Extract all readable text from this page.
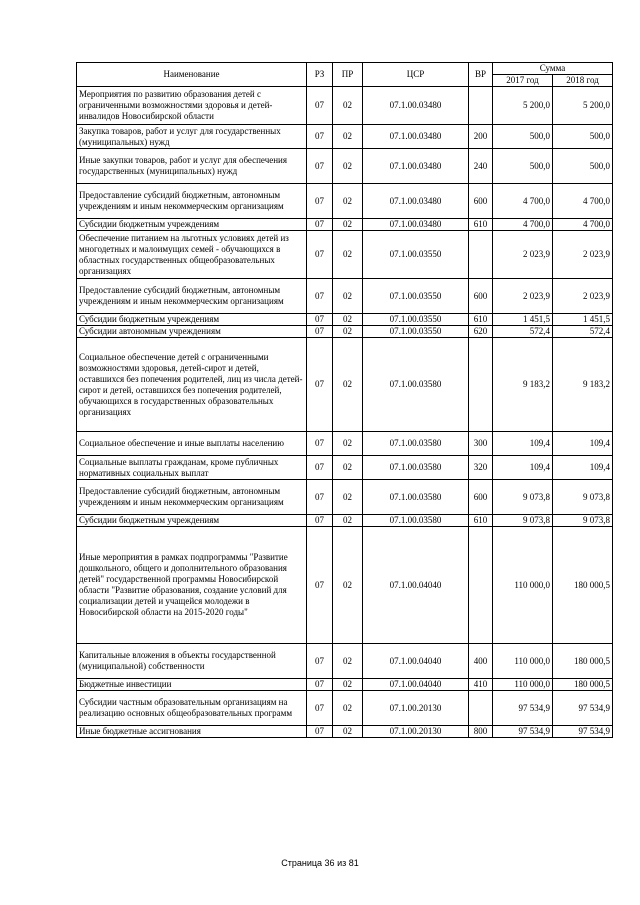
Наименование	РЗ	ПР	ЦСР	ВР	Сумма	
					2017 год	2018 год
Мероприятия по развитию образования детей с ограниченными возможностями здоровья и детей-инвалидов Новосибирской области	07	02	07.1.00.03480		5 200,0	5 200,0
Закупка товаров, работ и услуг для государственных (муниципальных) нужд	07	02	07.1.00.03480	200	500,0	500,0
Иные закупки товаров, работ и услуг для обеспечения государственных (муниципальных) нужд	07	02	07.1.00.03480	240	500,0	500,0
Предоставление субсидий бюджетным, автономным учреждениям и иным некоммерческим организациям	07	02	07.1.00.03480	600	4 700,0	4 700,0
Субсидии бюджетным учреждениям	07	02	07.1.00.03480	610	4 700,0	4 700,0
Обеспечение питанием на льготных условиях детей из многодетных и малоимущих семей - обучающихся в областных государственных общеобразовательных организациях	07	02	07.1.00.03550		2 023,9	2 023,9
Предоставление субсидий бюджетным, автономным учреждениям и иным некоммерческим организациям	07	02	07.1.00.03550	600	2 023,9	2 023,9
Субсидии бюджетным учреждениям	07	02	07.1.00.03550	610	1 451,5	1 451,5
Субсидии автономным учреждениям	07	02	07.1.00.03550	620	572,4	572,4
Социальное обеспечение детей с ограниченными возможностями здоровья, детей-сирот и детей, оставшихся без попечения родителей, лиц из числа детей-сирот и детей, оставшихся без попечения родителей, обучающихся в государственных образовательных организациях	07	02	07.1.00.03580		9 183,2	9 183,2
Социальное обеспечение и иные выплаты населению	07	02	07.1.00.03580	300	109,4	109,4
Социальные выплаты гражданам, кроме публичных нормативных социальных выплат	07	02	07.1.00.03580	320	109,4	109,4
Предоставление субсидий бюджетным, автономным учреждениям и иным некоммерческим организациям	07	02	07.1.00.03580	600	9 073,8	9 073,8
Субсидии бюджетным учреждениям	07	02	07.1.00.03580	610	9 073,8	9 073,8
Иные мероприятия в рамках подпрограммы "Развитие дошкольного, общего и дополнительного образования детей" государственной программы Новосибирской области "Развитие образования, создание условий для социализации детей и учащейся молодежи в Новосибирской области на 2015-2020 годы"	07	02	07.1.00.04040		110 000,0	180 000,5
Капитальные вложения в объекты государственной (муниципальной) собственности	07	02	07.1.00.04040	400	110 000,0	180 000,5
Бюджетные инвестиции	07	02	07.1.00.04040	410	110 000,0	180 000,5
Субсидии частным образовательным организациям на реализацию основных общеобразовательных программ	07	02	07.1.00.20130		97 534,9	97 534,9
Иные бюджетные ассигнования	07	02	07.1.00.20130	800	97 534,9	97 534,9
Страница 36 из 81
